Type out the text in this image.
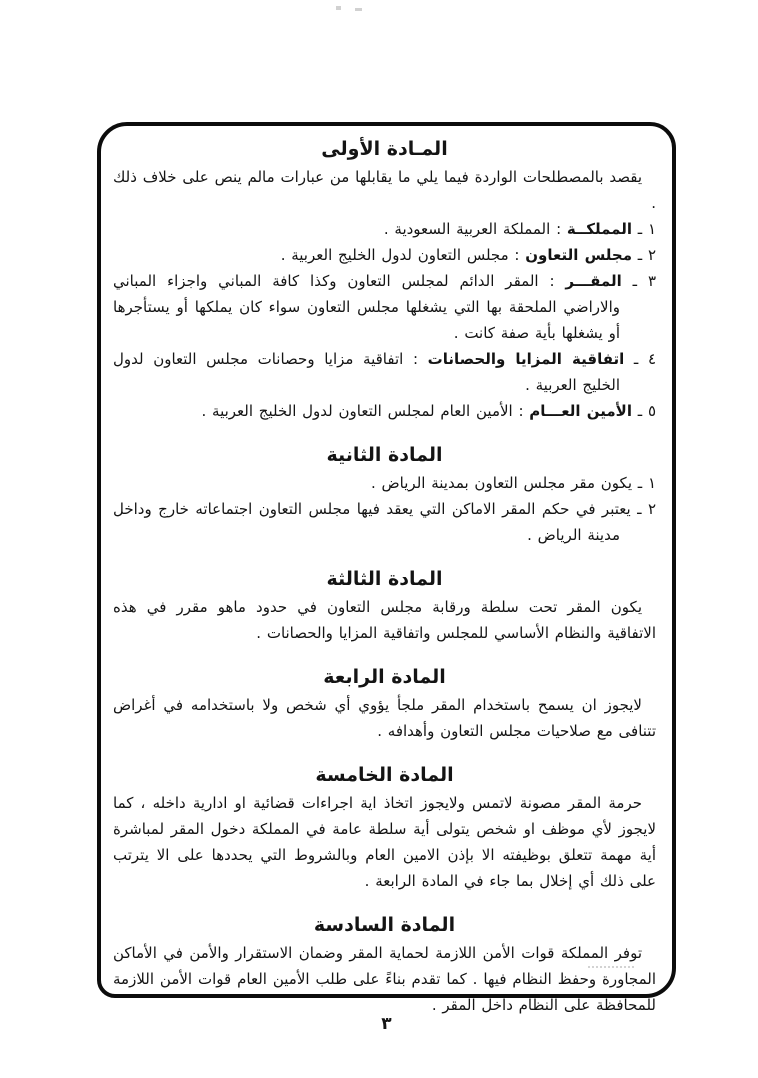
المـادة الأولى

يقصد بالمصطلحات الواردة فيما يلي ما يقابلها من عبارات مالم ينص على خلاف ذلك .

١ ـ المملكــة : المملكة العربية السعودية .

٢ ـ مجلس التعاون : مجلس التعاون لدول الخليج العربية .

٣ ـ المقـــر : المقر الدائم لمجلس التعاون وكذا كافة المباني واجزاء المباني والاراضي الملحقة بها التي يشغلها مجلس التعاون سواء كان يملكها أو يستأجرها أو يشغلها بأية صفة كانت .

٤ ـ اتفاقية المزايا والحصانات : اتفاقية مزايا وحصانات مجلس التعاون لدول الخليج العربية .

٥ ـ الأمين العـــام : الأمين العام لمجلس التعاون لدول الخليج العربية .

المادة الثانية

١ ـ يكون مقر مجلس التعاون بمدينة الرياض .

٢ ـ يعتبر في حكم المقر الاماكن التي يعقد فيها مجلس التعاون اجتماعاته خارج وداخل مدينة الرياض .

المادة الثالثة

يكون المقر تحت سلطة ورقابة مجلس التعاون في حدود ماهو مقرر في هذه الاتفاقية والنظام الأساسي للمجلس واتفاقية المزايا والحصانات .

المادة الرابعة

لايجوز ان يسمح باستخدام المقر ملجأ يؤوي أي شخص ولا باستخدامه في أغراض تتنافى مع صلاحيات مجلس التعاون وأهدافه .

المادة الخامسة

حرمة المقر مصونة لاتمس ولايجوز اتخاذ اية اجراءات قضائية او ادارية داخله ، كما لايجوز لأي موظف او شخص يتولى أية سلطة عامة في المملكة دخول المقر لمباشرة أية مهمة تتعلق بوظيفته الا بإذن الامين العام وبالشروط التي يحددها على الا يترتب على ذلك أي إخلال بما جاء في المادة الرابعة .

المادة السادسة

توفر المملكة قوات الأمن اللازمة لحماية المقر وضمان الاستقرار والأمن في الأماكن المجاورة وحفظ النظام فيها . كما تقدم بناءً على طلب الأمين العام قوات الأمن اللازمة للمحافظة على النظام داخل المقر .

٣
